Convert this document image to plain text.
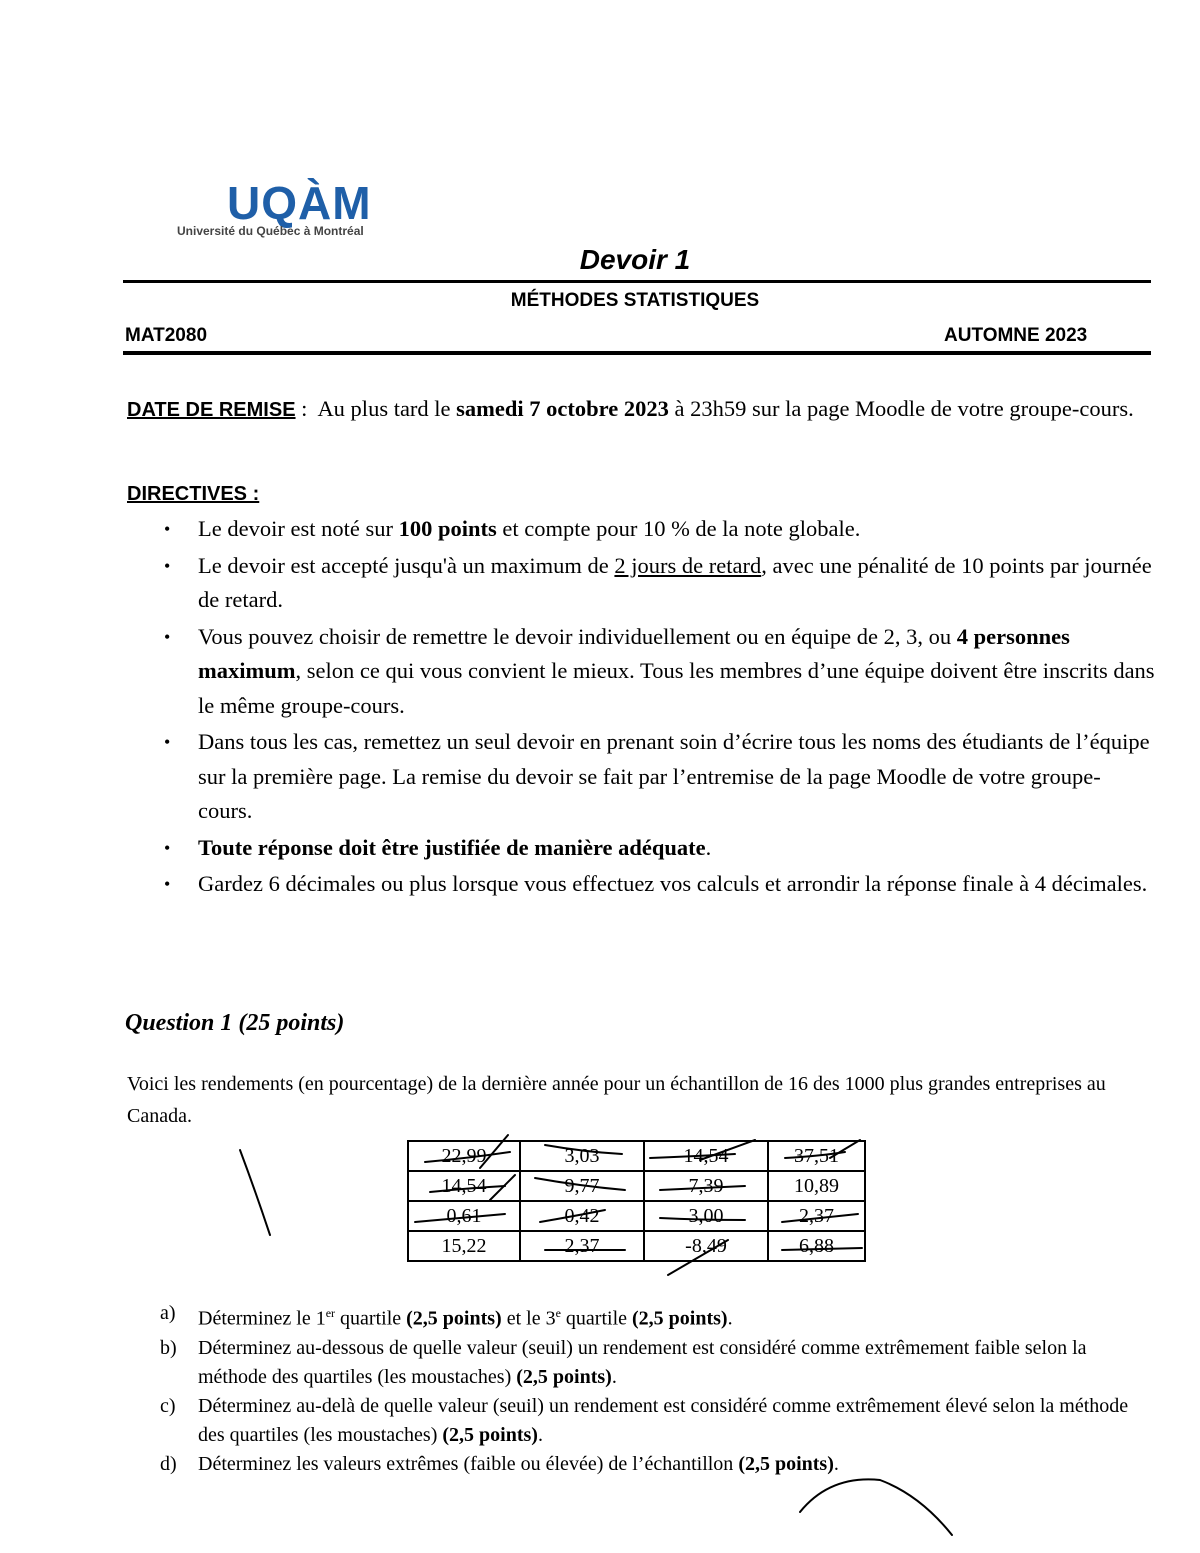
UQÀM
Université du Québec à Montréal
Devoir 1
MÉTHODES STATISTIQUES
MAT2080	AUTOMNE 2023
DATE DE REMISE :  Au plus tard le samedi 7 octobre 2023 à 23h59 sur la page Moodle de votre groupe-cours.
DIRECTIVES :
• Le devoir est noté sur 100 points et compte pour 10 % de la note globale.
• Le devoir est accepté jusqu'à un maximum de 2 jours de retard, avec une pénalité de 10 points par journée de retard.
• Vous pouvez choisir de remettre le devoir individuellement ou en équipe de 2, 3, ou 4 personnes maximum, selon ce qui vous convient le mieux. Tous les membres d’une équipe doivent être inscrits dans le même groupe-cours.
• Dans tous les cas, remettez un seul devoir en prenant soin d’écrire tous les noms des étudiants de l’équipe sur la première page. La remise du devoir se fait par l’entremise de la page Moodle de votre groupe-cours.
• Toute réponse doit être justifiée de manière adéquate.
• Gardez 6 décimales ou plus lorsque vous effectuez vos calculs et arrondir la réponse finale à 4 décimales.
Question 1 (25 points)
Voici les rendements (en pourcentage) de la dernière année pour un échantillon de 16 des 1000 plus grandes entreprises au Canada.
22,99	3,03	14,54	37,51
14,54	9,77	7,39	10,89
0,61	0,42	3,00	2,37
15,22	2,37	-8,49	6,88
a) Déterminez le 1er quartile (2,5 points) et le 3e quartile (2,5 points).
b) Déterminez au-dessous de quelle valeur (seuil) un rendement est considéré comme extrêmement faible selon la méthode des quartiles (les moustaches) (2,5 points).
c) Déterminez au-delà de quelle valeur (seuil) un rendement est considéré comme extrêmement élevé selon la méthode des quartiles (les moustaches) (2,5 points).
d) Déterminez les valeurs extrêmes (faible ou élevée) de l’échantillon (2,5 points).
